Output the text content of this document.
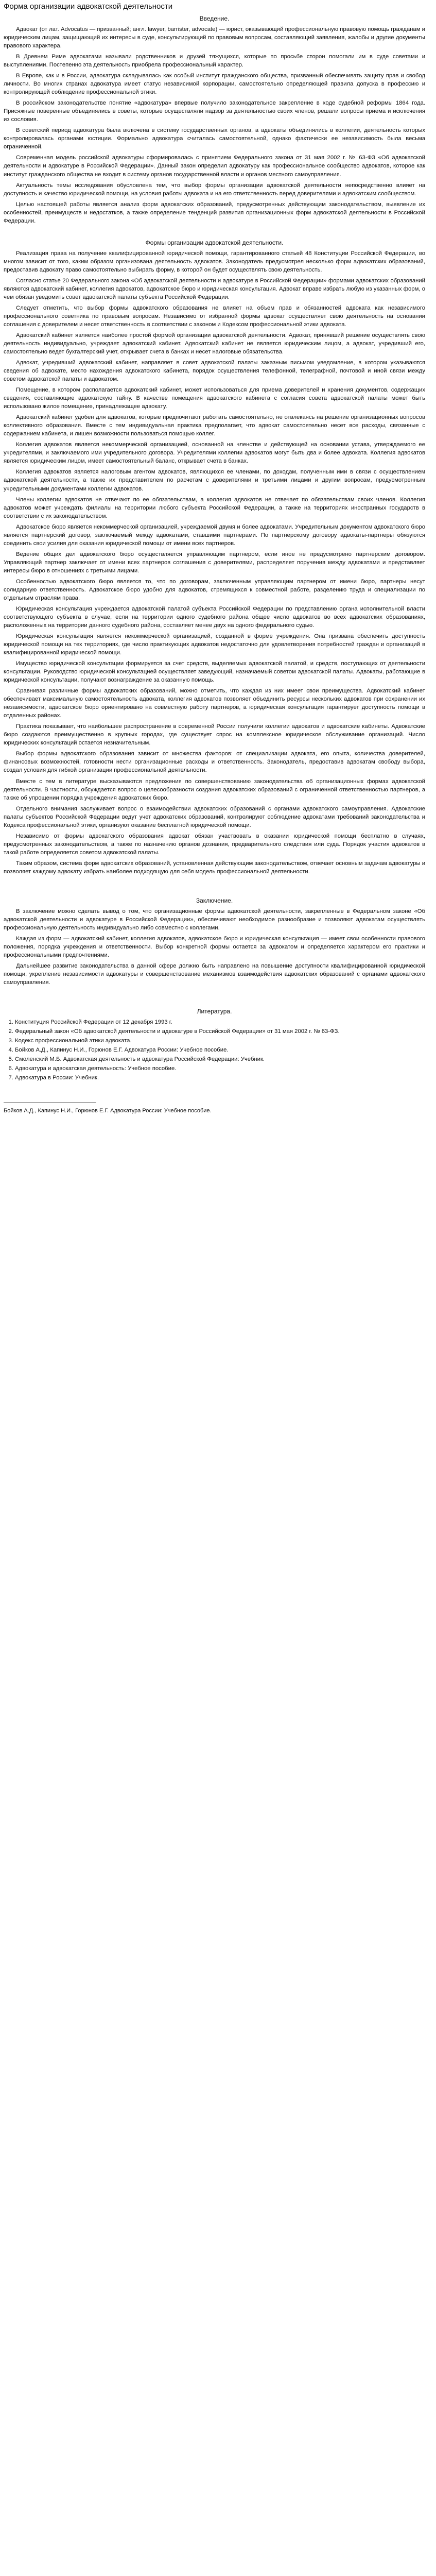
Форма организации адвокатской деятельности
Введение.

Адвокат (от лат. Advocatus — призванный; англ. lawyer, barrister, advocate) — юрист, оказывающий профессиональную правовую помощь гражданам и юридическим лицам, защищающий их интересы в суде, консультирующий по правовым вопросам, составляющий заявления, жалобы и другие документы правового характера.

В Древнем Риме адвокатами называли родственников и друзей тяжущихся, которые по просьбе сторон помогали им в суде советами и выступлениями. Постепенно эта деятельность приобрела профессиональный характер.

В Европе, как и в России, адвокатура складывалась как особый институт гражданского общества, призванный обеспечивать защиту прав и свобод личности. Во многих странах адвокатура имеет статус независимой корпорации, самостоятельно определяющей правила допуска в профессию и контролирующей соблюдение профессиональной этики.

В российском законодательстве понятие «адвокатура» впервые получило законодательное закрепление в ходе судебной реформы 1864 года. Присяжные поверенные объединялись в советы, которые осуществляли надзор за деятельностью своих членов, решали вопросы приема и исключения из сословия.

В советский период адвокатура была включена в систему государственных органов, а адвокаты объединялись в коллегии, деятельность которых контролировалась органами юстиции. Формально адвокатура считалась самостоятельной, однако фактически ее независимость была весьма ограниченной.

Современная модель российской адвокатуры сформировалась с принятием Федерального закона от 31 мая 2002 г. № 63-ФЗ «Об адвокатской деятельности и адвокатуре в Российской Федерации». Данный закон определил адвокатуру как профессиональное сообщество адвокатов, которое как институт гражданского общества не входит в систему органов государственной власти и органов местного самоуправления.

Актуальность темы исследования обусловлена тем, что выбор формы организации адвокатской деятельности непосредственно влияет на доступность и качество юридической помощи, на условия работы адвоката и на его ответственность перед доверителями и адвокатским сообществом.

Целью настоящей работы является анализ форм адвокатских образований, предусмотренных действующим законодательством, выявление их особенностей, преимуществ и недостатков, а также определение тенденций развития организационных форм адвокатской деятельности в Российской Федерации.

Формы организации адвокатской деятельности.

Реализация права на получение квалифицированной юридической помощи, гарантированного статьей 48 Конституции Российской Федерации, во многом зависит от того, каким образом организована деятельность адвокатов. Законодатель предусмотрел несколько форм адвокатских образований, предоставив адвокату право самостоятельно выбирать форму, в которой он будет осуществлять свою деятельность.

Согласно статье 20 Федерального закона «Об адвокатской деятельности и адвокатуре в Российской Федерации» формами адвокатских образований являются адвокатский кабинет, коллегия адвокатов, адвокатское бюро и юридическая консультация. Адвокат вправе избрать любую из указанных форм, о чем обязан уведомить совет адвокатской палаты субъекта Российской Федерации.

Следует отметить, что выбор формы адвокатского образования не влияет на объем прав и обязанностей адвоката как независимого профессионального советника по правовым вопросам. Независимо от избранной формы адвокат осуществляет свою деятельность на основании соглашения с доверителем и несет ответственность в соответствии с законом и Кодексом профессиональной этики адвоката.

Адвокатский кабинет является наиболее простой формой организации адвокатской деятельности. Адвокат, принявший решение осуществлять свою деятельность индивидуально, учреждает адвокатский кабинет. Адвокатский кабинет не является юридическим лицом, а адвокат, учредивший его, самостоятельно ведет бухгалтерский учет, открывает счета в банках и несет налоговые обязательства.

Адвокат, учредивший адвокатский кабинет, направляет в совет адвокатской палаты заказным письмом уведомление, в котором указываются сведения об адвокате, место нахождения адвокатского кабинета, порядок осуществления телефонной, телеграфной, почтовой и иной связи между советом адвокатской палаты и адвокатом.

Помещение, в котором располагается адвокатский кабинет, может использоваться для приема доверителей и хранения документов, содержащих сведения, составляющие адвокатскую тайну. В качестве помещения адвокатского кабинета с согласия совета адвокатской палаты может быть использовано жилое помещение, принадлежащее адвокату.

Адвокатский кабинет удобен для адвокатов, которые предпочитают работать самостоятельно, не отвлекаясь на решение организационных вопросов коллективного образования. Вместе с тем индивидуальная практика предполагает, что адвокат самостоятельно несет все расходы, связанные с содержанием кабинета, и лишен возможности пользоваться помощью коллег.

Коллегия адвокатов является некоммерческой организацией, основанной на членстве и действующей на основании устава, утверждаемого ее учредителями, и заключаемого ими учредительного договора. Учредителями коллегии адвокатов могут быть два и более адвоката. Коллегия адвокатов является юридическим лицом, имеет самостоятельный баланс, открывает счета в банках.

Коллегия адвокатов является налоговым агентом адвокатов, являющихся ее членами, по доходам, полученным ими в связи с осуществлением адвокатской деятельности, а также их представителем по расчетам с доверителями и третьими лицами и другим вопросам, предусмотренным учредительными документами коллегии адвокатов.

Члены коллегии адвокатов не отвечают по ее обязательствам, а коллегия адвокатов не отвечает по обязательствам своих членов. Коллегия адвокатов может учреждать филиалы на территории любого субъекта Российской Федерации, а также на территориях иностранных государств в соответствии с их законодательством.

Адвокатское бюро является некоммерческой организацией, учреждаемой двумя и более адвокатами. Учредительным документом адвокатского бюро является партнерский договор, заключаемый между адвокатами, ставшими партнерами. По партнерскому договору адвокаты-партнеры обязуются соединить свои усилия для оказания юридической помощи от имени всех партнеров.

Ведение общих дел адвокатского бюро осуществляется управляющим партнером, если иное не предусмотрено партнерским договором. Управляющий партнер заключает от имени всех партнеров соглашения с доверителями, распределяет поручения между адвокатами и представляет интересы бюро в отношениях с третьими лицами.

Особенностью адвокатского бюро является то, что по договорам, заключенным управляющим партнером от имени бюро, партнеры несут солидарную ответственность. Адвокатское бюро удобно для адвокатов, стремящихся к совместной работе, разделению труда и специализации по отдельным отраслям права.

Юридическая консультация учреждается адвокатской палатой субъекта Российской Федерации по представлению органа исполнительной власти соответствующего субъекта в случае, если на территории одного судебного района общее число адвокатов во всех адвокатских образованиях, расположенных на территории данного судебного района, составляет менее двух на одного федерального судью.

Юридическая консультация является некоммерческой организацией, созданной в форме учреждения. Она призвана обеспечить доступность юридической помощи на тех территориях, где число практикующих адвокатов недостаточно для удовлетворения потребностей граждан и организаций в квалифицированной юридической помощи.

Имущество юридической консультации формируется за счет средств, выделяемых адвокатской палатой, и средств, поступающих от деятельности консультации. Руководство юридической консультацией осуществляет заведующий, назначаемый советом адвокатской палаты. Адвокаты, работающие в юридической консультации, получают вознаграждение за оказанную помощь.

Сравнивая различные формы адвокатских образований, можно отметить, что каждая из них имеет свои преимущества. Адвокатский кабинет обеспечивает максимальную самостоятельность адвоката, коллегия адвокатов позволяет объединить ресурсы нескольких адвокатов при сохранении их независимости, адвокатское бюро ориентировано на совместную работу партнеров, а юридическая консультация гарантирует доступность помощи в отдаленных районах.

Практика показывает, что наибольшее распространение в современной России получили коллегии адвокатов и адвокатские кабинеты. Адвокатские бюро создаются преимущественно в крупных городах, где существует спрос на комплексное юридическое обслуживание организаций. Число юридических консультаций остается незначительным.

Выбор формы адвокатского образования зависит от множества факторов: от специализации адвоката, его опыта, количества доверителей, финансовых возможностей, готовности нести организационные расходы и ответственность. Законодатель, предоставив адвокатам свободу выбора, создал условия для гибкой организации профессиональной деятельности.

Вместе с тем в литературе высказываются предложения по совершенствованию законодательства об организационных формах адвокатской деятельности. В частности, обсуждается вопрос о целесообразности создания адвокатских образований с ограниченной ответственностью партнеров, а также об упрощении порядка учреждения адвокатских бюро.

Отдельного внимания заслуживает вопрос о взаимодействии адвокатских образований с органами адвокатского самоуправления. Адвокатские палаты субъектов Российской Федерации ведут учет адвокатских образований, контролируют соблюдение адвокатами требований законодательства и Кодекса профессиональной этики, организуют оказание бесплатной юридической помощи.

Независимо от формы адвокатского образования адвокат обязан участвовать в оказании юридической помощи бесплатно в случаях, предусмотренных законодательством, а также по назначению органов дознания, предварительного следствия или суда. Порядок участия адвокатов в такой работе определяется советом адвокатской палаты.

Таким образом, система форм адвокатских образований, установленная действующим законодательством, отвечает основным задачам адвокатуры и позволяет каждому адвокату избрать наиболее подходящую для себя модель профессиональной деятельности.

Заключение.

В заключение можно сделать вывод о том, что организационные формы адвокатской деятельности, закрепленные в Федеральном законе «Об адвокатской деятельности и адвокатуре в Российской Федерации», обеспечивают необходимое разнообразие и позволяют адвокатам осуществлять профессиональную деятельность индивидуально либо совместно с коллегами.

Каждая из форм — адвокатский кабинет, коллегия адвокатов, адвокатское бюро и юридическая консультация — имеет свои особенности правового положения, порядка учреждения и ответственности. Выбор конкретной формы остается за адвокатом и определяется характером его практики и профессиональными предпочтениями.

Дальнейшее развитие законодательства в данной сфере должно быть направлено на повышение доступности квалифицированной юридической помощи, укрепление независимости адвокатуры и совершенствование механизмов взаимодействия адвокатских образований с органами адвокатского самоуправления.

Литература.
1. Конституция Российской Федерации от 12 декабря 1993 г.
2. Федеральный закон «Об адвокатской деятельности и адвокатуре в Российской Федерации» от 31 мая 2002 г. № 63-ФЗ.
3. Кодекс профессиональной этики адвоката.
4. Бойков А.Д., Капинус Н.И., Горюнов Е.Г. Адвокатура России: Учебное пособие.
5. Смоленский М.Б. Адвокатская деятельность и адвокатура Российской Федерации: Учебник.
6. Адвокатура и адвокатская деятельность: Учебное пособие.
7. Адвокатура в России: Учебник.

Бойков А.Д., Капинус Н.И., Горюнов Е.Г. Адвокатура России: Учебное пособие.
